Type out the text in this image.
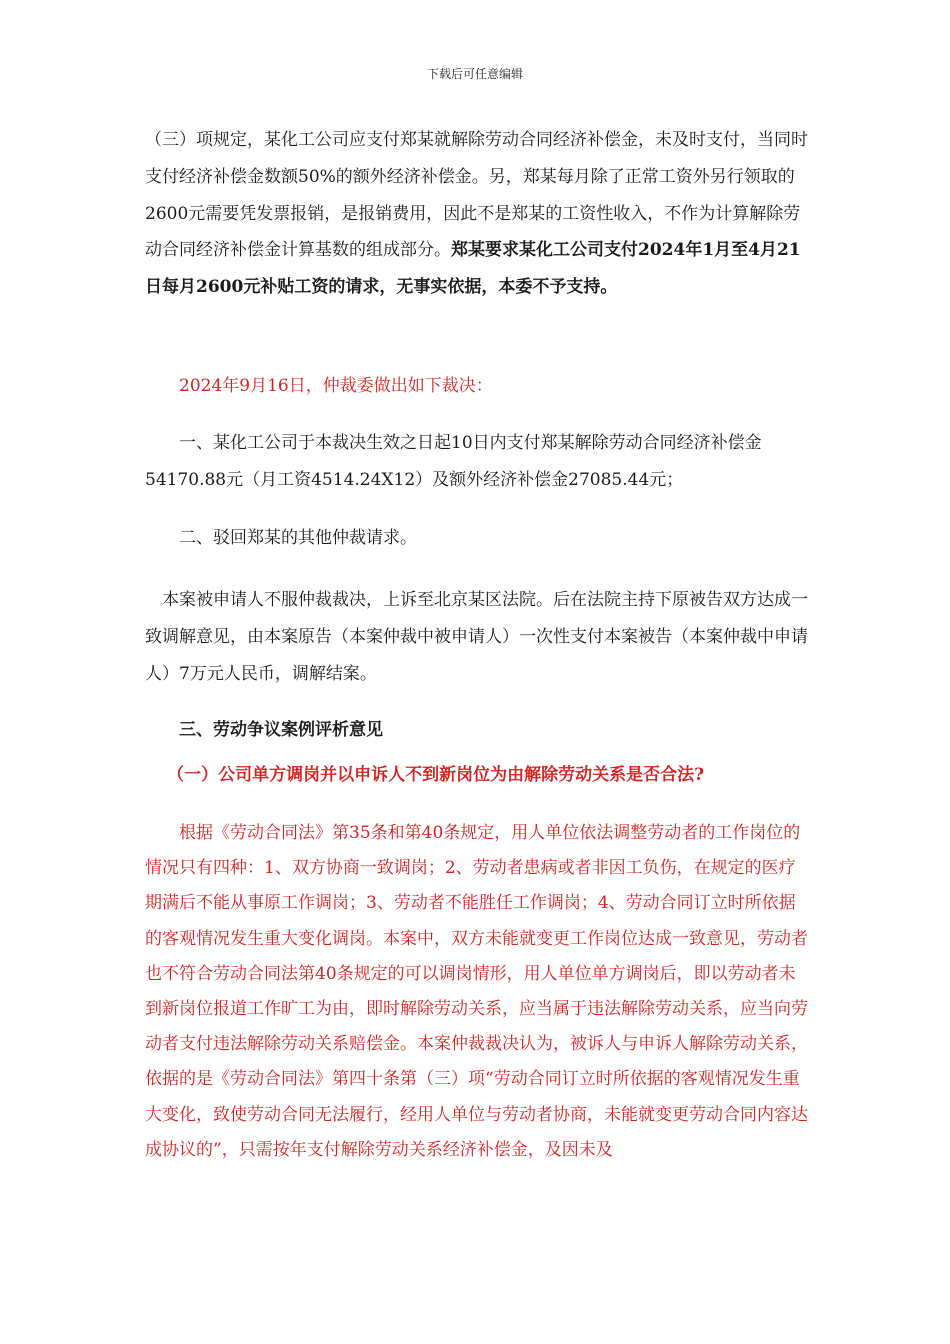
下载后可任意编辑

（三）项规定，某化工公司应支付郑某就解除劳动合同经济补偿金，未及时支付，当同时支付经济补偿金数额50%的额外经济补偿金。另，郑某每月除了正常工资外另行领取的2600元需要凭发票报销，是报销费用，因此不是郑某的工资性收入，不作为计算解除劳动合同经济补偿金计算基数的组成部分。郑某要求某化工公司支付2024年1月至4月21日每月2600元补贴工资的请求，无事实依据，本委不予支持。

2024年9月16日，仲裁委做出如下裁决：
一、某化工公司于本裁决生效之日起10日内支付郑某解除劳动合同经济补偿金54170.88元（月工资4514.24X12）及额外经济补偿金27085.44元；
二、驳回郑某的其他仲裁请求。
本案被申请人不服仲裁裁决，上诉至北京某区法院。后在法院主持下原被告双方达成一致调解意见，由本案原告（本案仲裁中被申请人）一次性支付本案被告（本案仲裁中申请人）7万元人民币，调解结案。
三、劳动争议案例评析意见
（一）公司单方调岗并以申诉人不到新岗位为由解除劳动关系是否合法?
根据《劳动合同法》第35条和第40条规定，用人单位依法调整劳动者的工作岗位的情况只有四种：1、双方协商一致调岗；2、劳动者患病或者非因工负伤，在规定的医疗期满后不能从事原工作调岗；3、劳动者不能胜任工作调岗；4、劳动合同订立时所依据的客观情况发生重大变化调岗。本案中，双方未能就变更工作岗位达成一致意见，劳动者也不符合劳动合同法第40条规定的可以调岗情形，用人单位单方调岗后，即以劳动者未到新岗位报道工作旷工为由，即时解除劳动关系，应当属于违法解除劳动关系，应当向劳动者支付违法解除劳动关系赔偿金。本案仲裁裁决认为，被诉人与申诉人解除劳动关系，依据的是《劳动合同法》第四十条第（三）项“劳动合同订立时所依据的客观情况发生重大变化，致使劳动合同无法履行，经用人单位与劳动者协商，未能就变更劳动合同内容达成协议的”，只需按年支付解除劳动关系经济补偿金，及因未及
